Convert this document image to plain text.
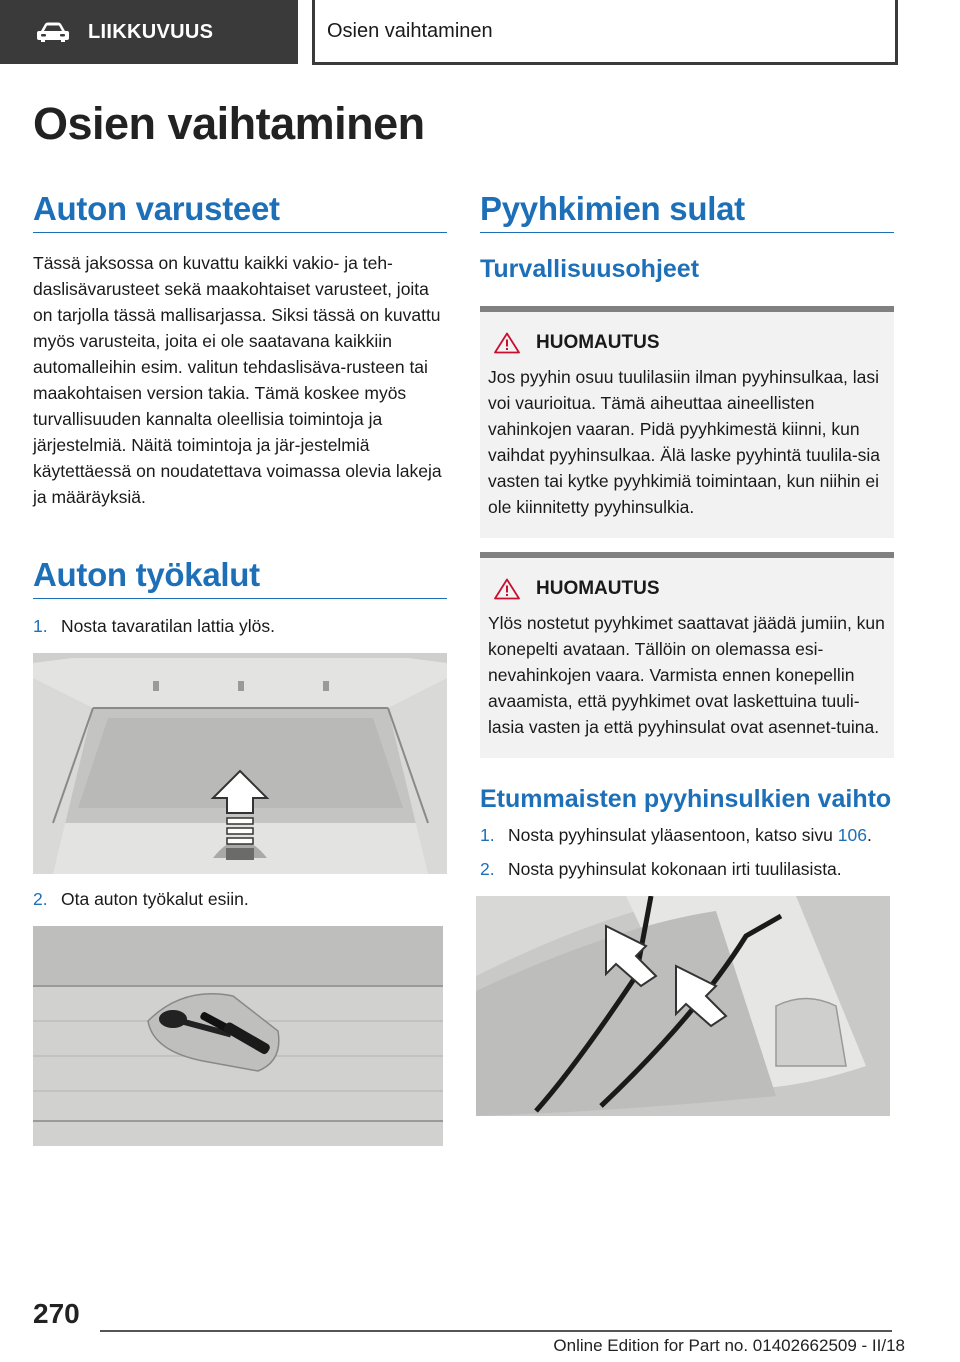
LIIKKUVUUS	Osien vaihtaminen
Osien vaihtaminen
Auton varusteet

Tässä jaksossa on kuvattu kaikki vakio- ja teh-daslisävarusteet sekä maakohtaiset varusteet, joita on tarjolla tässä mallisarjassa. Siksi tässä on kuvattu myös varusteita, joita ei ole saatavana kaikkiin automalleihin esim. valitun tehdaslisäva-rusteen tai maakohtaisen version takia. Tämä koskee myös turvallisuuden kannalta oleellisia toimintoja ja järjestelmiä. Näitä toimintoja ja jär-jestelmiä käytettäessä on noudatettava voimassa olevia lakeja ja määräyksiä.

Auton työkalut
1. Nosta tavaratilan lattia ylös.
2. Ota auton työkalut esiin.
Pyyhkimien sulat
Turvallisuusohjeet
HUOMAUTUS

Jos pyyhin osuu tuulilasiin ilman pyyhinsulkaa, lasi voi vaurioitua. Tämä aiheuttaa aineellisten vahinkojen vaaran. Pidä pyyhkimestä kiinni, kun vaihdat pyyhinsulkaa. Älä laske pyyhintä tuulila-sia vasten tai kytke pyyhkimiä toimintaan, kun niihin ei ole kiinnitetty pyyhinsulkia.

HUOMAUTUS

Ylös nostetut pyyhkimet saattavat jäädä jumiin, kun konepelti avataan. Tällöin on olemassa esi-nevahinkojen vaara. Varmista ennen konepellin avaamista, että pyyhkimet ovat laskettuina tuuli-lasia vasten ja että pyyhinsulat ovat asennet-tuina.

Etummaisten pyyhinsulkien vaihto
1. Nosta pyyhinsulat yläasentoon, katso sivu 106.
2. Nosta pyyhinsulat kokonaan irti tuulilasista.
270
Online Edition for Part no. 01402662509 - II/18
